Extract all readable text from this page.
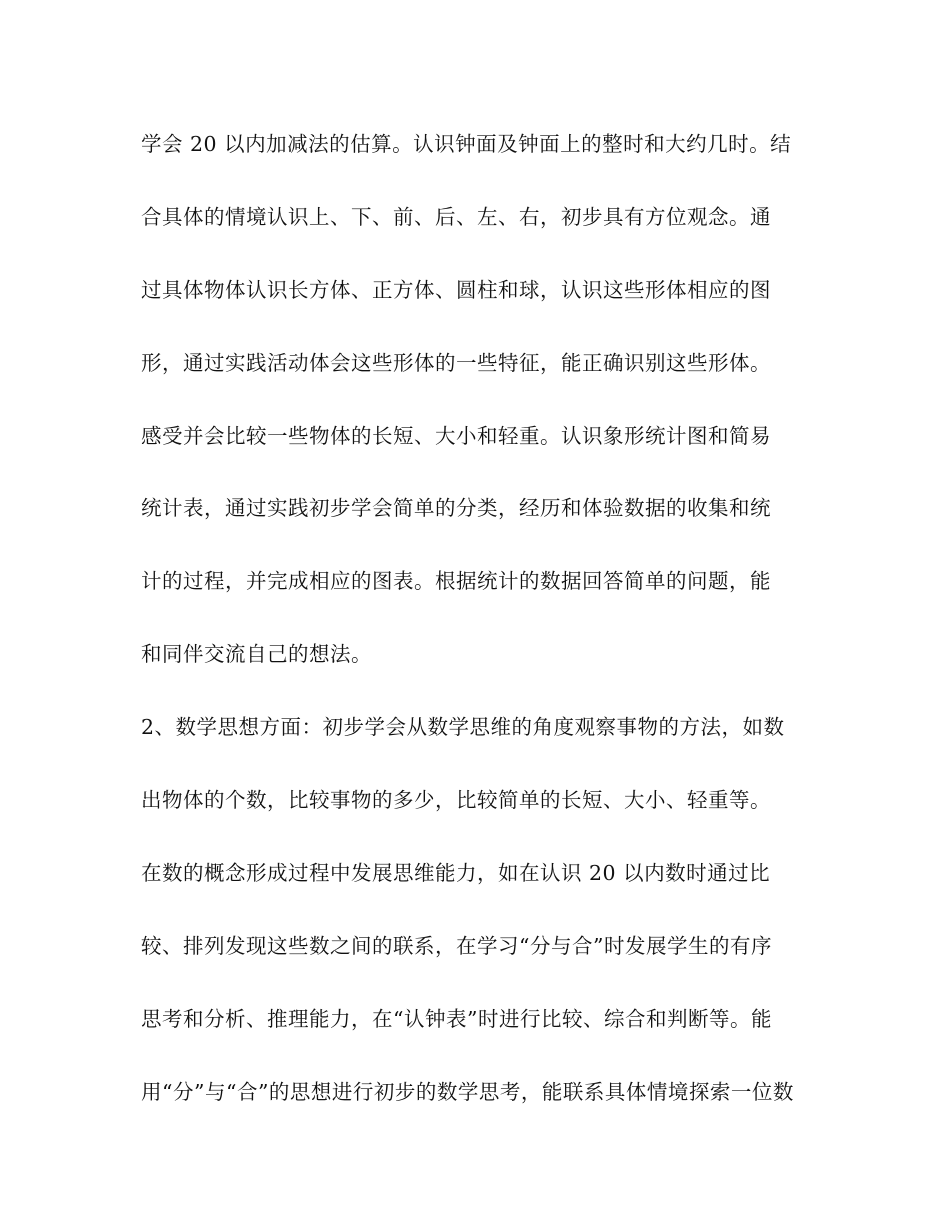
学会 20 以内加减法的估算。认识钟面及钟面上的整时和大约几时。结
合具体的情境认识上、下、前、后、左、右，初步具有方位观念。通
过具体物体认识长方体、正方体、圆柱和球，认识这些形体相应的图
形，通过实践活动体会这些形体的一些特征，能正确识别这些形体。
感受并会比较一些物体的长短、大小和轻重。认识象形统计图和简易
统计表，通过实践初步学会简单的分类，经历和体验数据的收集和统
计的过程，并完成相应的图表。根据统计的数据回答简单的问题，能
和同伴交流自己的想法。
2、数学思想方面：初步学会从数学思维的角度观察事物的方法，如数
出物体的个数，比较事物的多少，比较简单的长短、大小、轻重等。
在数的概念形成过程中发展思维能力，如在认识 20 以内数时通过比
较、排列发现这些数之间的联系，在学习“分与合”时发展学生的有序
思考和分析、推理能力，在“认钟表”时进行比较、综合和判断等。能
用“分”与“合”的思想进行初步的数学思考，能联系具体情境探索一位数
